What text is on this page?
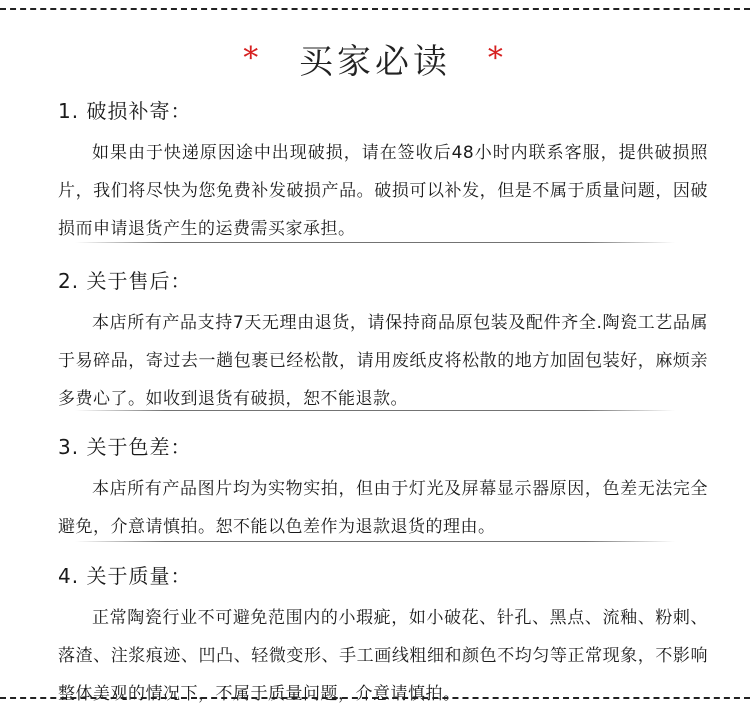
* 买家必读 *
1. 破损补寄：
如果由于快递原因途中出现破损，请在签收后48小时内联系客服，提供破损照片，我们将尽快为您免费补发破损产品。破损可以补发，但是不属于质量问题，因破损而申请退货产生的运费需买家承担。
2. 关于售后：
本店所有产品支持7天无理由退货，请保持商品原包装及配件齐全.陶瓷工艺品属于易碎品，寄过去一趟包裹已经松散，请用废纸皮将松散的地方加固包装好，麻烦亲多费心了。如收到退货有破损，恕不能退款。
3. 关于色差：
本店所有产品图片均为实物实拍，但由于灯光及屏幕显示器原因，色差无法完全避免，介意请慎拍。恕不能以色差作为退款退货的理由。
4. 关于质量：
正常陶瓷行业不可避免范围内的小瑕疵，如小破花、针孔、黑点、流釉、粉刺、落渣、注浆痕迹、凹凸、轻微变形、手工画线粗细和颜色不均匀等正常现象，不影响整体美观的情况下，不属于质量问题，介意请慎拍。
